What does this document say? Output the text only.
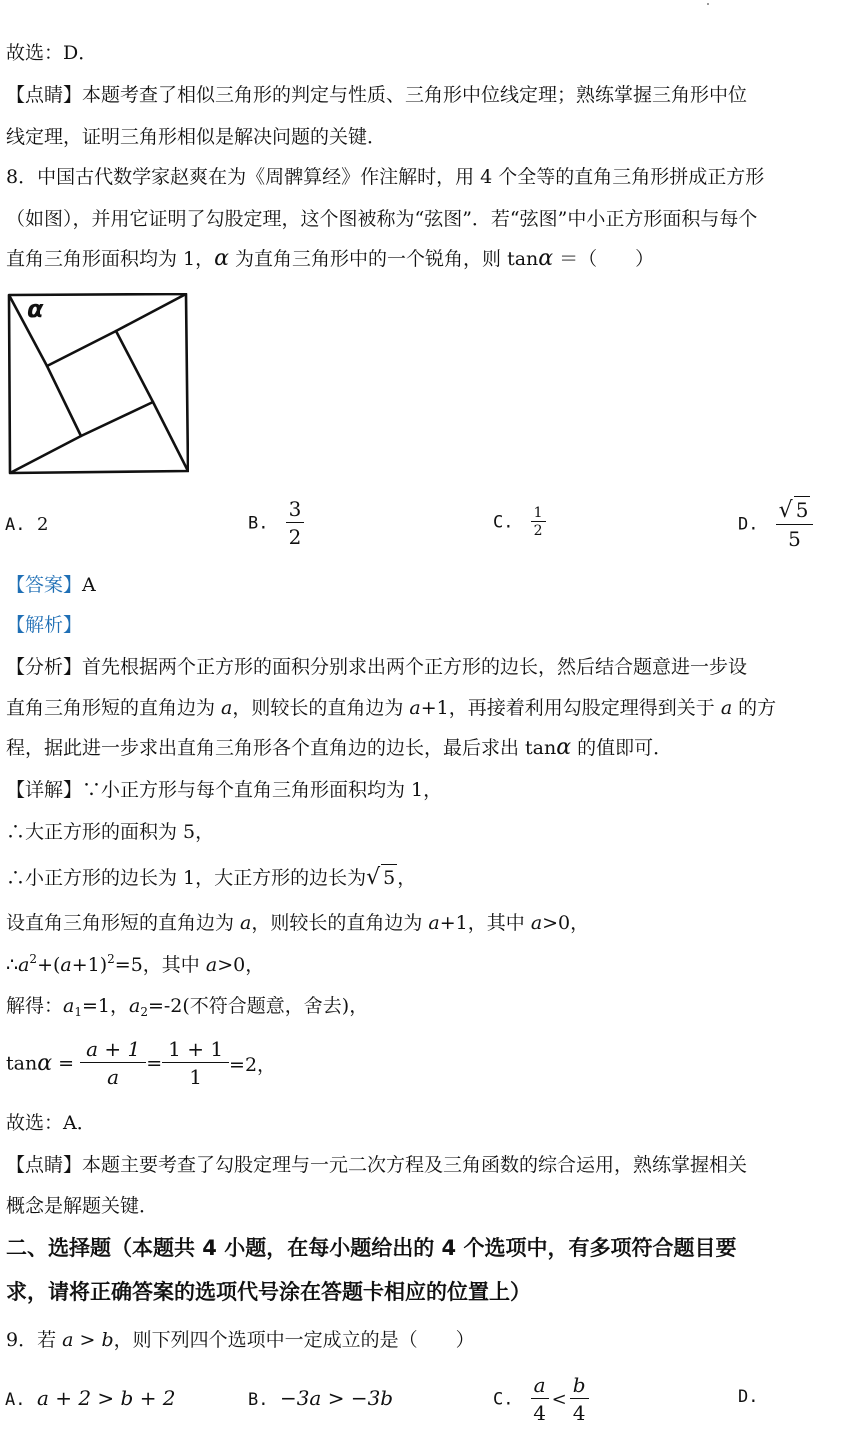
故选：D．
【点睛】本题考查了相似三角形的判定与性质、三角形中位线定理；熟练掌握三角形中位
线定理，证明三角形相似是解决问题的关键．
8．中国古代数学家赵爽在为《周髀算经》作注解时，用 4 个全等的直角三角形拼成正方形
（如图），并用它证明了勾股定理，这个图被称为“弦图”．若“弦图”中小正方形面积与每个
直角三角形面积均为 1，α 为直角三角形中的一个锐角，则 tanα ＝（　　）
α
A. 2	B. $\frac{3}{2}$	C. $\frac{1}{2}$	D. $\frac{√ 5}{5}$
【答案】A
【解析】
【分析】首先根据两个正方形的面积分别求出两个正方形的边长，然后结合题意进一步设
直角三角形短的直角边为 a，则较长的直角边为 a+1，再接着利用勾股定理得到关于 a 的方
程，据此进一步求出直角三角形各个直角边的边长，最后求出 tanα 的值即可．
【详解】∵小正方形与每个直角三角形面积均为 1，
∴大正方形的面积为 5，
∴小正方形的边长为 1，大正方形的边长为√ 5 ，
设直角三角形短的直角边为 a，则较长的直角边为 a+1，其中 a>0，
$\therefore a^2+(a+1)^2=5$，其中 a>0，
解得：$a_1=1$，$a_2=-2$(不符合题意，舍去)，
$\tan\alpha = \frac{a + 1}{a} = \frac{1 + 1}{1} =2$，
故选：A．
【点睛】本题主要考查了勾股定理与一元二次方程及三角函数的综合运用，熟练掌握相关
概念是解题关键．
二、选择题（本题共 4 小题，在每小题给出的 4 个选项中，有多项符合题目要
求，请将正确答案的选项代号涂在答题卡相应的位置上）
9．若 a > b，则下列四个选项中一定成立的是（　　）
A. a + 2 > b + 2	B. −3a > −3b	C. $\frac{a}{4} < \frac{b}{4}$	D.
